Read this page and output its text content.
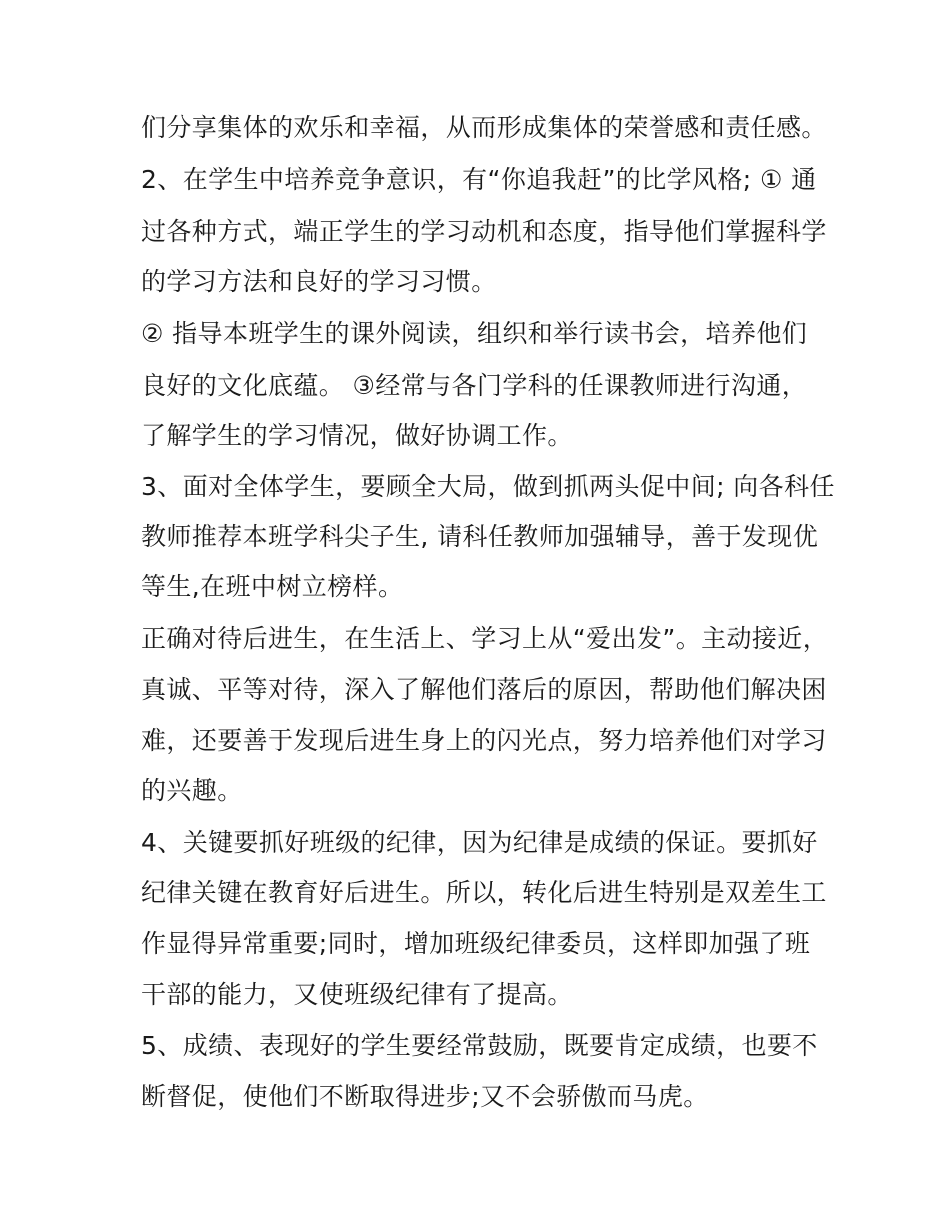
们分享集体的欢乐和幸福，从而形成集体的荣誉感和责任感。
2、在学生中培养竞争意识，有“你追我赶”的比学风格; ① 通
过各种方式，端正学生的学习动机和态度，指导他们掌握科学
的学习方法和良好的学习习惯。
② 指导本班学生的课外阅读，组织和举行读书会，培养他们
良好的文化底蕴。 ③经常与各门学科的任课教师进行沟通，
了解学生的学习情况，做好协调工作。
3、面对全体学生，要顾全大局，做到抓两头促中间; 向各科任
教师推荐本班学科尖子生, 请科任教师加强辅导，善于发现优
等生,在班中树立榜样。
正确对待后进生，在生活上、学习上从“爱出发”。主动接近，
真诚、平等对待，深入了解他们落后的原因，帮助他们解决困
难，还要善于发现后进生身上的闪光点，努力培养他们对学习
的兴趣。
4、关键要抓好班级的纪律，因为纪律是成绩的保证。要抓好
纪律关键在教育好后进生。所以，转化后进生特别是双差生工
作显得异常重要;同时，增加班级纪律委员，这样即加强了班
干部的能力，又使班级纪律有了提高。
5、成绩、表现好的学生要经常鼓励，既要肯定成绩，也要不
断督促，使他们不断取得进步;又不会骄傲而马虎。
